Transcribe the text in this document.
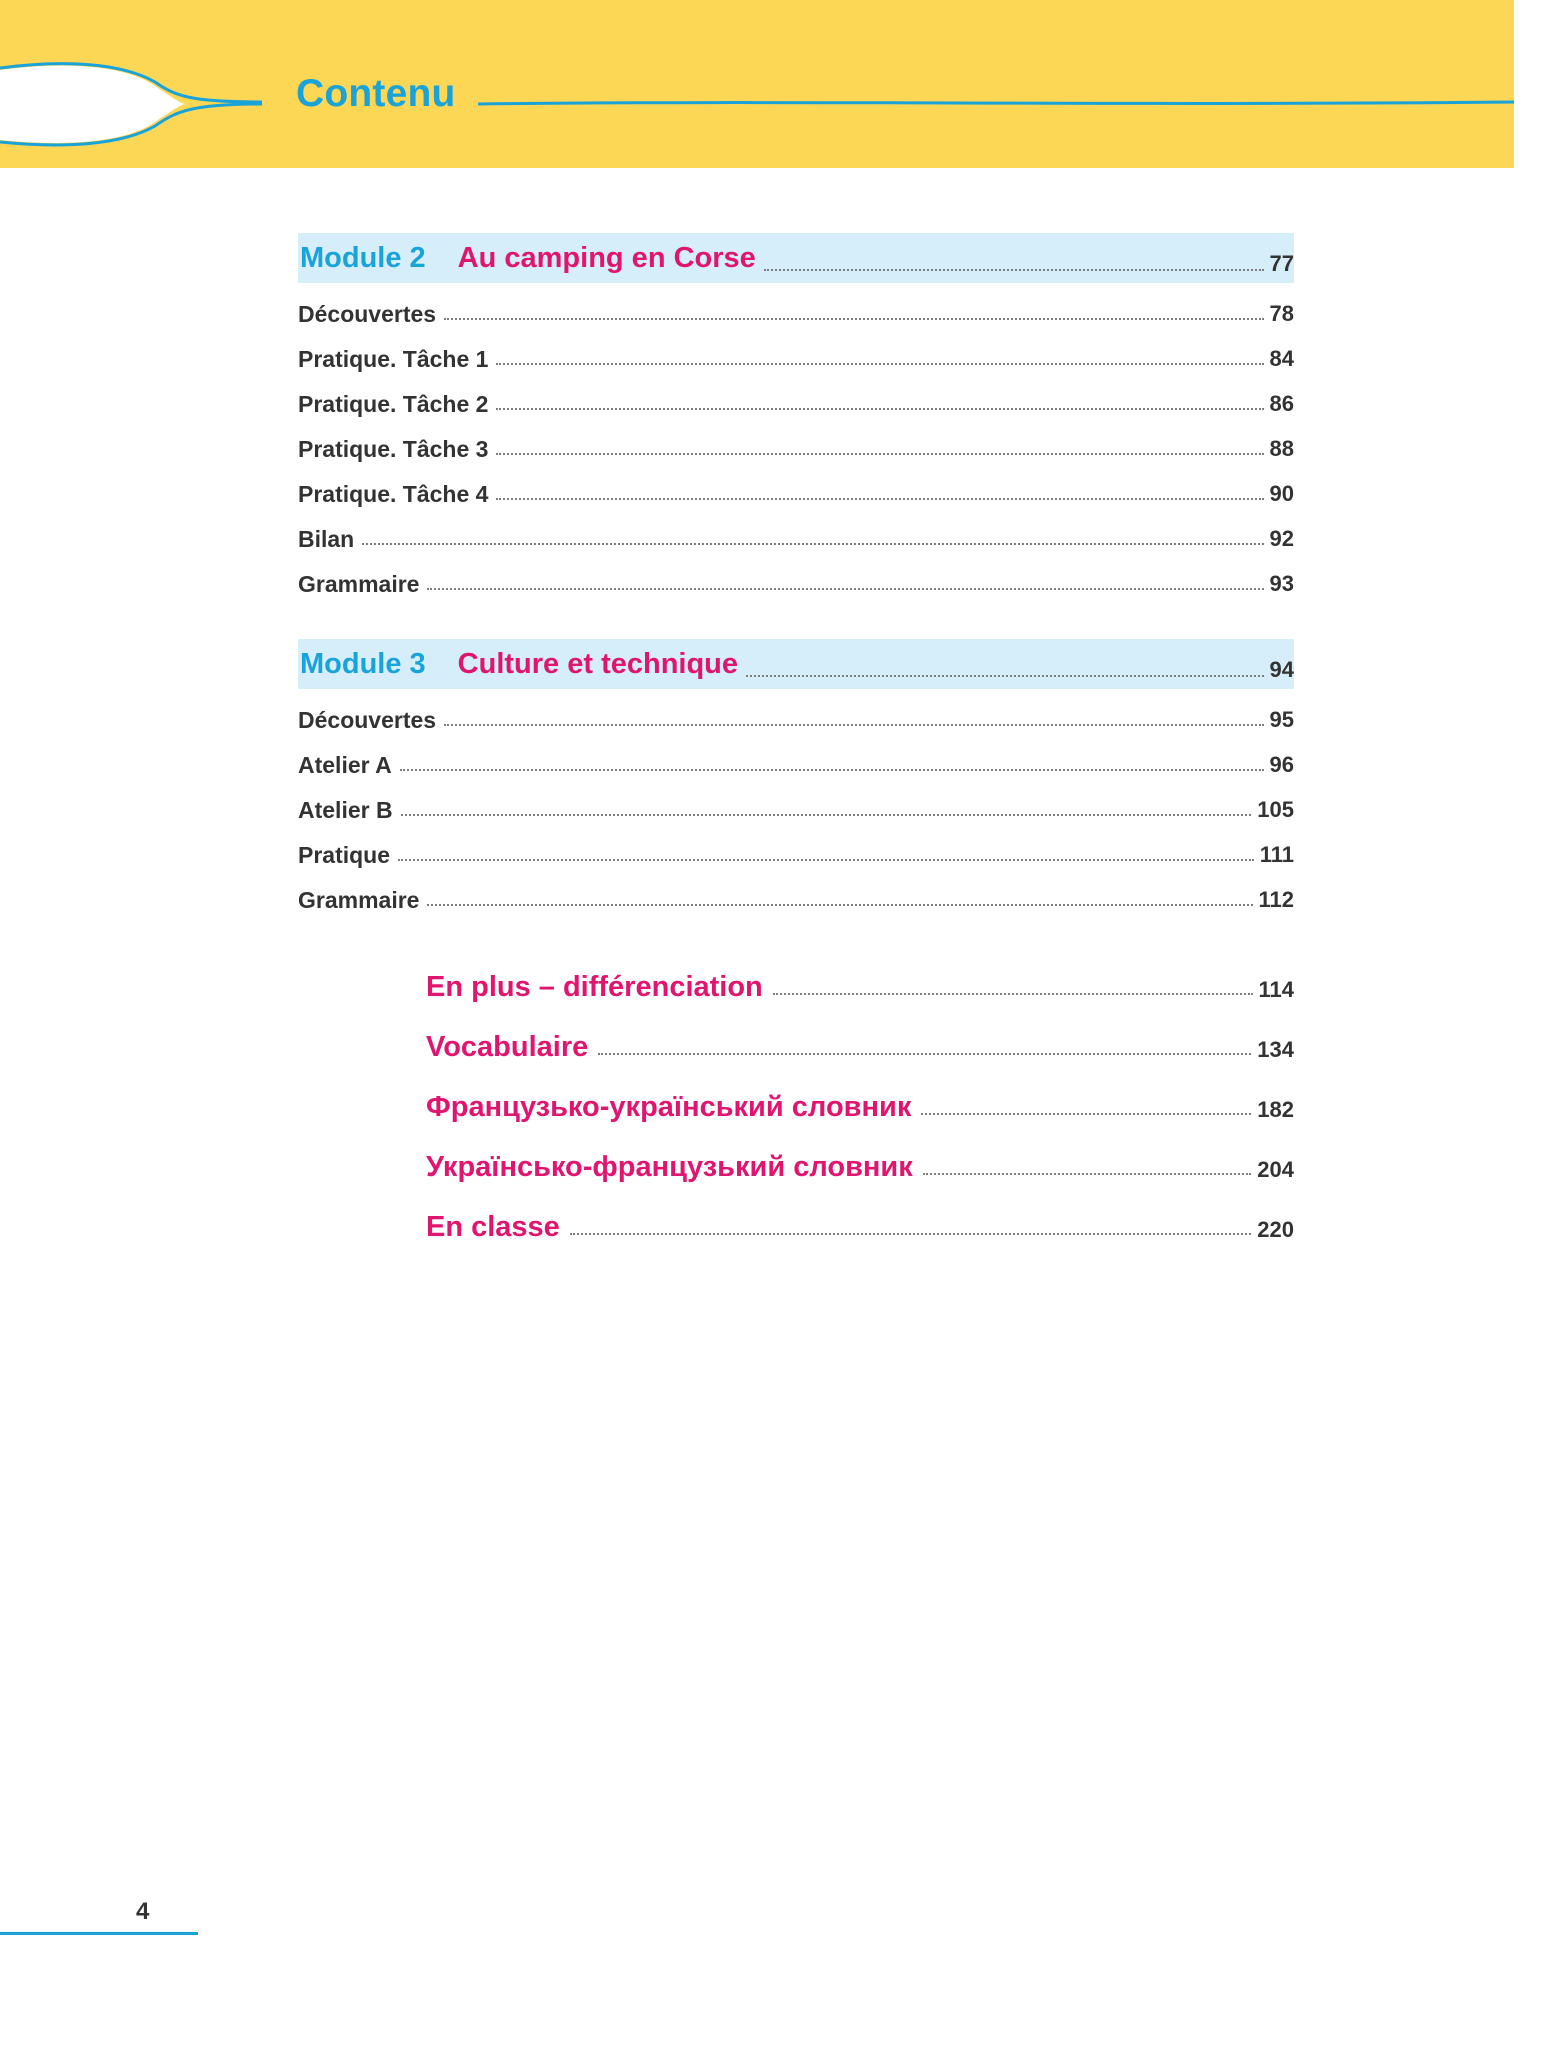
Contenu
Module 2	Au camping en Corse	77
Découvertes	78
Pratique. Tâche 1	84
Pratique. Tâche 2	86
Pratique. Tâche 3	88
Pratique. Tâche 4	90
Bilan	92
Grammaire	93
Module 3	Culture et technique	94
Découvertes	95
Atelier A	96
Atelier B	105
Pratique	111
Grammaire	112
En plus – différenciation	114
Vocabulaire	134
Французько-український словник	182
Українсько-французький словник	204
En classe	220
4
